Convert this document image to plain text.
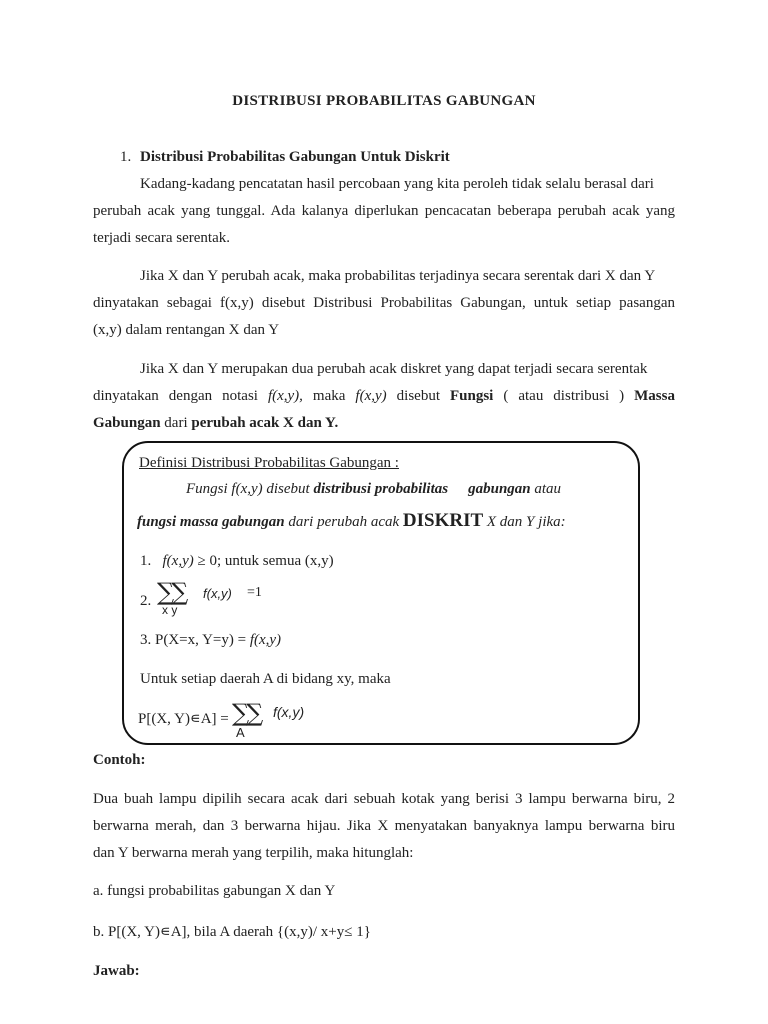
DISTRIBUSI PROBABILITAS GABUNGAN
1. Distribusi Probabilitas Gabungan Untuk Diskrit
Kadang-kadang pencatatan hasil percobaan yang kita peroleh tidak selalu berasal dari
perubah acak yang tunggal. Ada kalanya diperlukan pencacatan beberapa perubah acak yang
terjadi secara serentak.
Jika X dan Y perubah acak, maka probabilitas terjadinya secara serentak dari X dan Y
dinyatakan sebagai f(x,y) disebut Distribusi Probabilitas Gabungan, untuk setiap pasangan
(x,y) dalam rentangan X dan Y
Jika X dan Y merupakan dua perubah acak diskret yang dapat terjadi secara serentak
dinyatakan dengan notasi f(x,y), maka f(x,y) disebut Fungsi ( atau distribusi ) Massa
Gabungan dari perubah acak X dan Y.
Definisi Distribusi Probabilitas Gabungan :
Fungsi f(x,y) disebut distribusi probabilitas gabungan atau
fungsi massa gabungan dari perubah acak DISKRIT X dan Y jika:
1. f(x,y) ≥ 0; untuk semua (x,y)
2. ∑∑
x y
f(x,y) =1
3. P(X=x, Y=y) = f(x,y)
Untuk setiap daerah A di bidang xy, maka
P[(X, Y)∊A] = ∑∑
A
f(x,y)
Contoh:
Dua buah lampu dipilih secara acak dari sebuah kotak yang berisi 3 lampu berwarna biru, 2
berwarna merah, dan 3 berwarna hijau. Jika X menyatakan banyaknya lampu berwarna biru
dan Y berwarna merah yang terpilih, maka hitunglah:
a. fungsi probabilitas gabungan X dan Y
b. P[(X, Y)∊A], bila A daerah {(x,y)/ x+y≤ 1}
Jawab:
